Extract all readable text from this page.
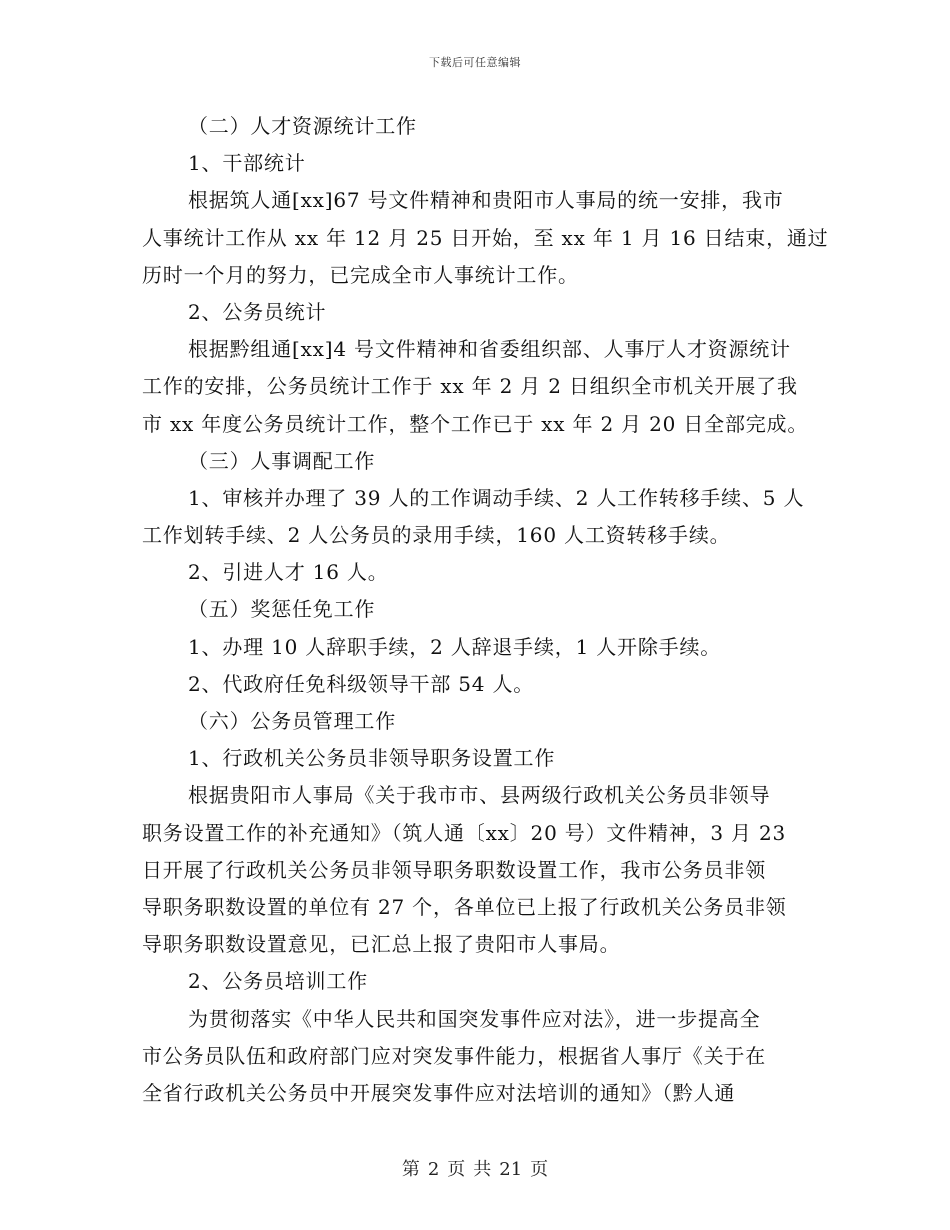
下载后可任意编辑
（二）人才资源统计工作
1、干部统计
根据筑人通[xx]67 号文件精神和贵阳市人事局的统一安排，我市
人事统计工作从 xx 年 12 月 25 日开始，至 xx 年 1 月 16 日结束，通过
历时一个月的努力，已完成全市人事统计工作。
2、公务员统计
根据黔组通[xx]4 号文件精神和省委组织部、人事厅人才资源统计
工作的安排，公务员统计工作于 xx 年 2 月 2 日组织全市机关开展了我
市 xx 年度公务员统计工作，整个工作已于 xx 年 2 月 20 日全部完成。
（三）人事调配工作
1、审核并办理了 39 人的工作调动手续、2 人工作转移手续、5 人
工作划转手续、2 人公务员的录用手续，160 人工资转移手续。
2、引进人才 16 人。
（五）奖惩任免工作
1、办理 10 人辞职手续，2 人辞退手续，1 人开除手续。
2、代政府任免科级领导干部 54 人。
（六）公务员管理工作
1、行政机关公务员非领导职务设置工作
根据贵阳市人事局《关于我市市、县两级行政机关公务员非领导
职务设置工作的补充通知》（筑人通〔xx〕20 号）文件精神，3 月 23
日开展了行政机关公务员非领导职务职数设置工作，我市公务员非领
导职务职数设置的单位有 27 个，各单位已上报了行政机关公务员非领
导职务职数设置意见，已汇总上报了贵阳市人事局。
2、公务员培训工作
为贯彻落实《中华人民共和国突发事件应对法》，进一步提高全
市公务员队伍和政府部门应对突发事件能力，根据省人事厅《关于在
全省行政机关公务员中开展突发事件应对法培训的通知》（黔人通
第 2 页 共 21 页
